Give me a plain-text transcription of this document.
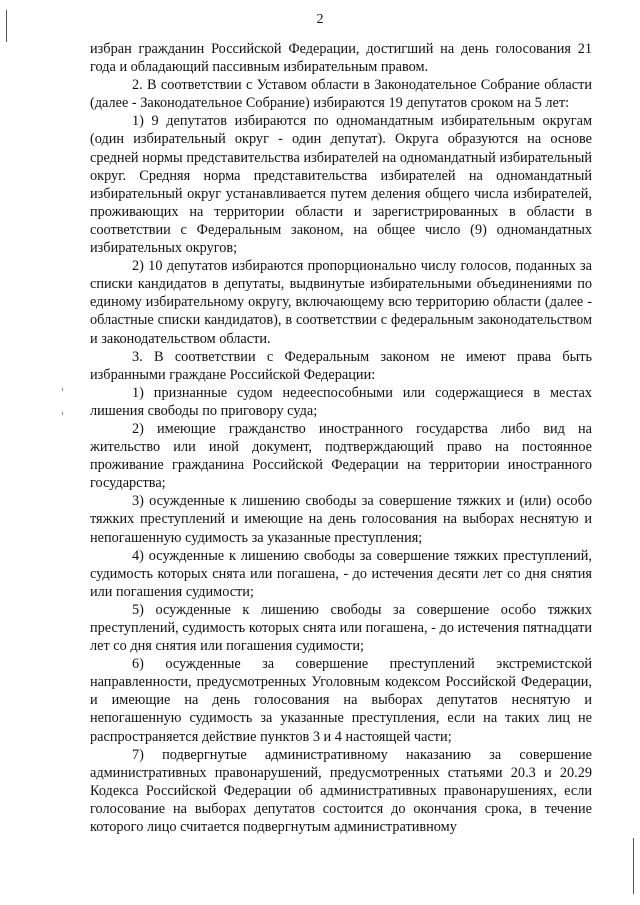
2

избран гражданин Российской Федерации, достигший на день голосования 21 года и обладающий пассивным избирательным правом.

2. В соответствии с Уставом области в Законодательное Собрание области (далее - Законодательное Собрание) избираются 19 депутатов сроком на 5 лет:

1) 9 депутатов избираются по одномандатным избирательным округам (один избирательный округ - один депутат). Округа образуются на основе средней нормы представительства избирателей на одномандатный избирательный округ. Средняя норма представительства избирателей на одномандатный избирательный округ устанавливается путем деления общего числа избирателей, проживающих на территории области и зарегистрированных в области в соответствии с Федеральным законом, на общее число (9) одномандатных избирательных округов;

2) 10 депутатов избираются пропорционально числу голосов, поданных за списки кандидатов в депутаты, выдвинутые избирательными объединениями по единому избирательному округу, включающему всю территорию области (далее - областные списки кандидатов), в соответствии с федеральным законодательством и законодательством области.

3. В соответствии с Федеральным законом не имеют права быть избранными граждане Российской Федерации:

1) признанные судом недееспособными или содержащиеся в местах лишения свободы по приговору суда;

2) имеющие гражданство иностранного государства либо вид на жительство или иной документ, подтверждающий право на постоянное проживание гражданина Российской Федерации на территории иностранного государства;

3) осужденные к лишению свободы за совершение тяжких и (или) особо тяжких преступлений и имеющие на день голосования на выборах неснятую и непогашенную судимость за указанные преступления;

4) осужденные к лишению свободы за совершение тяжких преступлений, судимость которых снята или погашена, - до истечения десяти лет со дня снятия или погашения судимости;

5) осужденные к лишению свободы за совершение особо тяжких преступлений, судимость которых снята или погашена, - до истечения пятнадцати лет со дня снятия или погашения судимости;

6) осужденные за совершение преступлений экстремистской направленности, предусмотренных Уголовным кодексом Российской Федерации, и имеющие на день голосования на выборах депутатов неснятую и непогашенную судимость за указанные преступления, если на таких лиц не распространяется действие пунктов 3 и 4 настоящей части;

7) подвергнутые административному наказанию за совершение административных правонарушений, предусмотренных статьями 20.3 и 20.29 Кодекса Российской Федерации об административных правонарушениях, если голосование на выборах депутатов состоится до окончания срока, в течение которого лицо считается подвергнутым административному
